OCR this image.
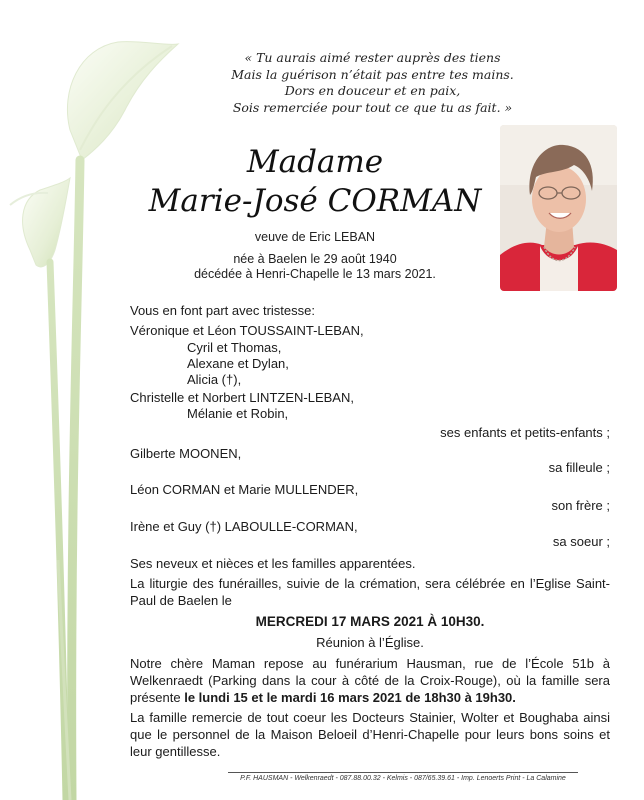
« Tu aurais aimé rester auprès des tiens
Mais la guérison n’était pas entre tes mains.
Dors en douceur et en paix,
Sois remerciée pour tout ce que tu as fait. »
Madame
Marie-José CORMAN
veuve de Eric LEBAN
née à Baelen le 29 août 1940
décédée à Henri-Chapelle le 13 mars 2021.
Vous en font part avec tristesse:
Véronique et Léon TOUSSAINT-LEBAN,
Cyril et Thomas,
Alexane et Dylan,
Alicia (†),
Christelle et Norbert LINTZEN-LEBAN,
Mélanie et Robin,
ses enfants et petits-enfants ;
Gilberte MOONEN,
sa filleule ;
Léon CORMAN et Marie MULLENDER,
son frère ;
Irène et Guy (†) LABOULLE-CORMAN,
sa soeur ;
Ses neveux et nièces et les familles apparentées.
La liturgie des funérailles, suivie de la crémation, sera célébrée en l’Eglise Saint-Paul de Baelen le
MERCREDI 17 MARS 2021 À 10H30.
Réunion à l’Église.
Notre chère Maman repose au funérarium Hausman, rue de l’École 51b à Welkenraedt (Parking dans la cour à côté de la Croix-Rouge), où la famille sera présente le lundi 15 et le mardi 16 mars 2021 de 18h30 à 19h30.
La famille remercie de tout coeur les Docteurs Stainier, Wolter et Boughaba ainsi que le personnel de la Maison Beloeil d’Henri-Chapelle pour leurs bons soins et leur gentillesse.
P.F. HAUSMAN - Welkenraedt - 087.88.00.32 - Kelmis - 087/65.39.61 - Imp. Lenoerts Print - La Calamine
